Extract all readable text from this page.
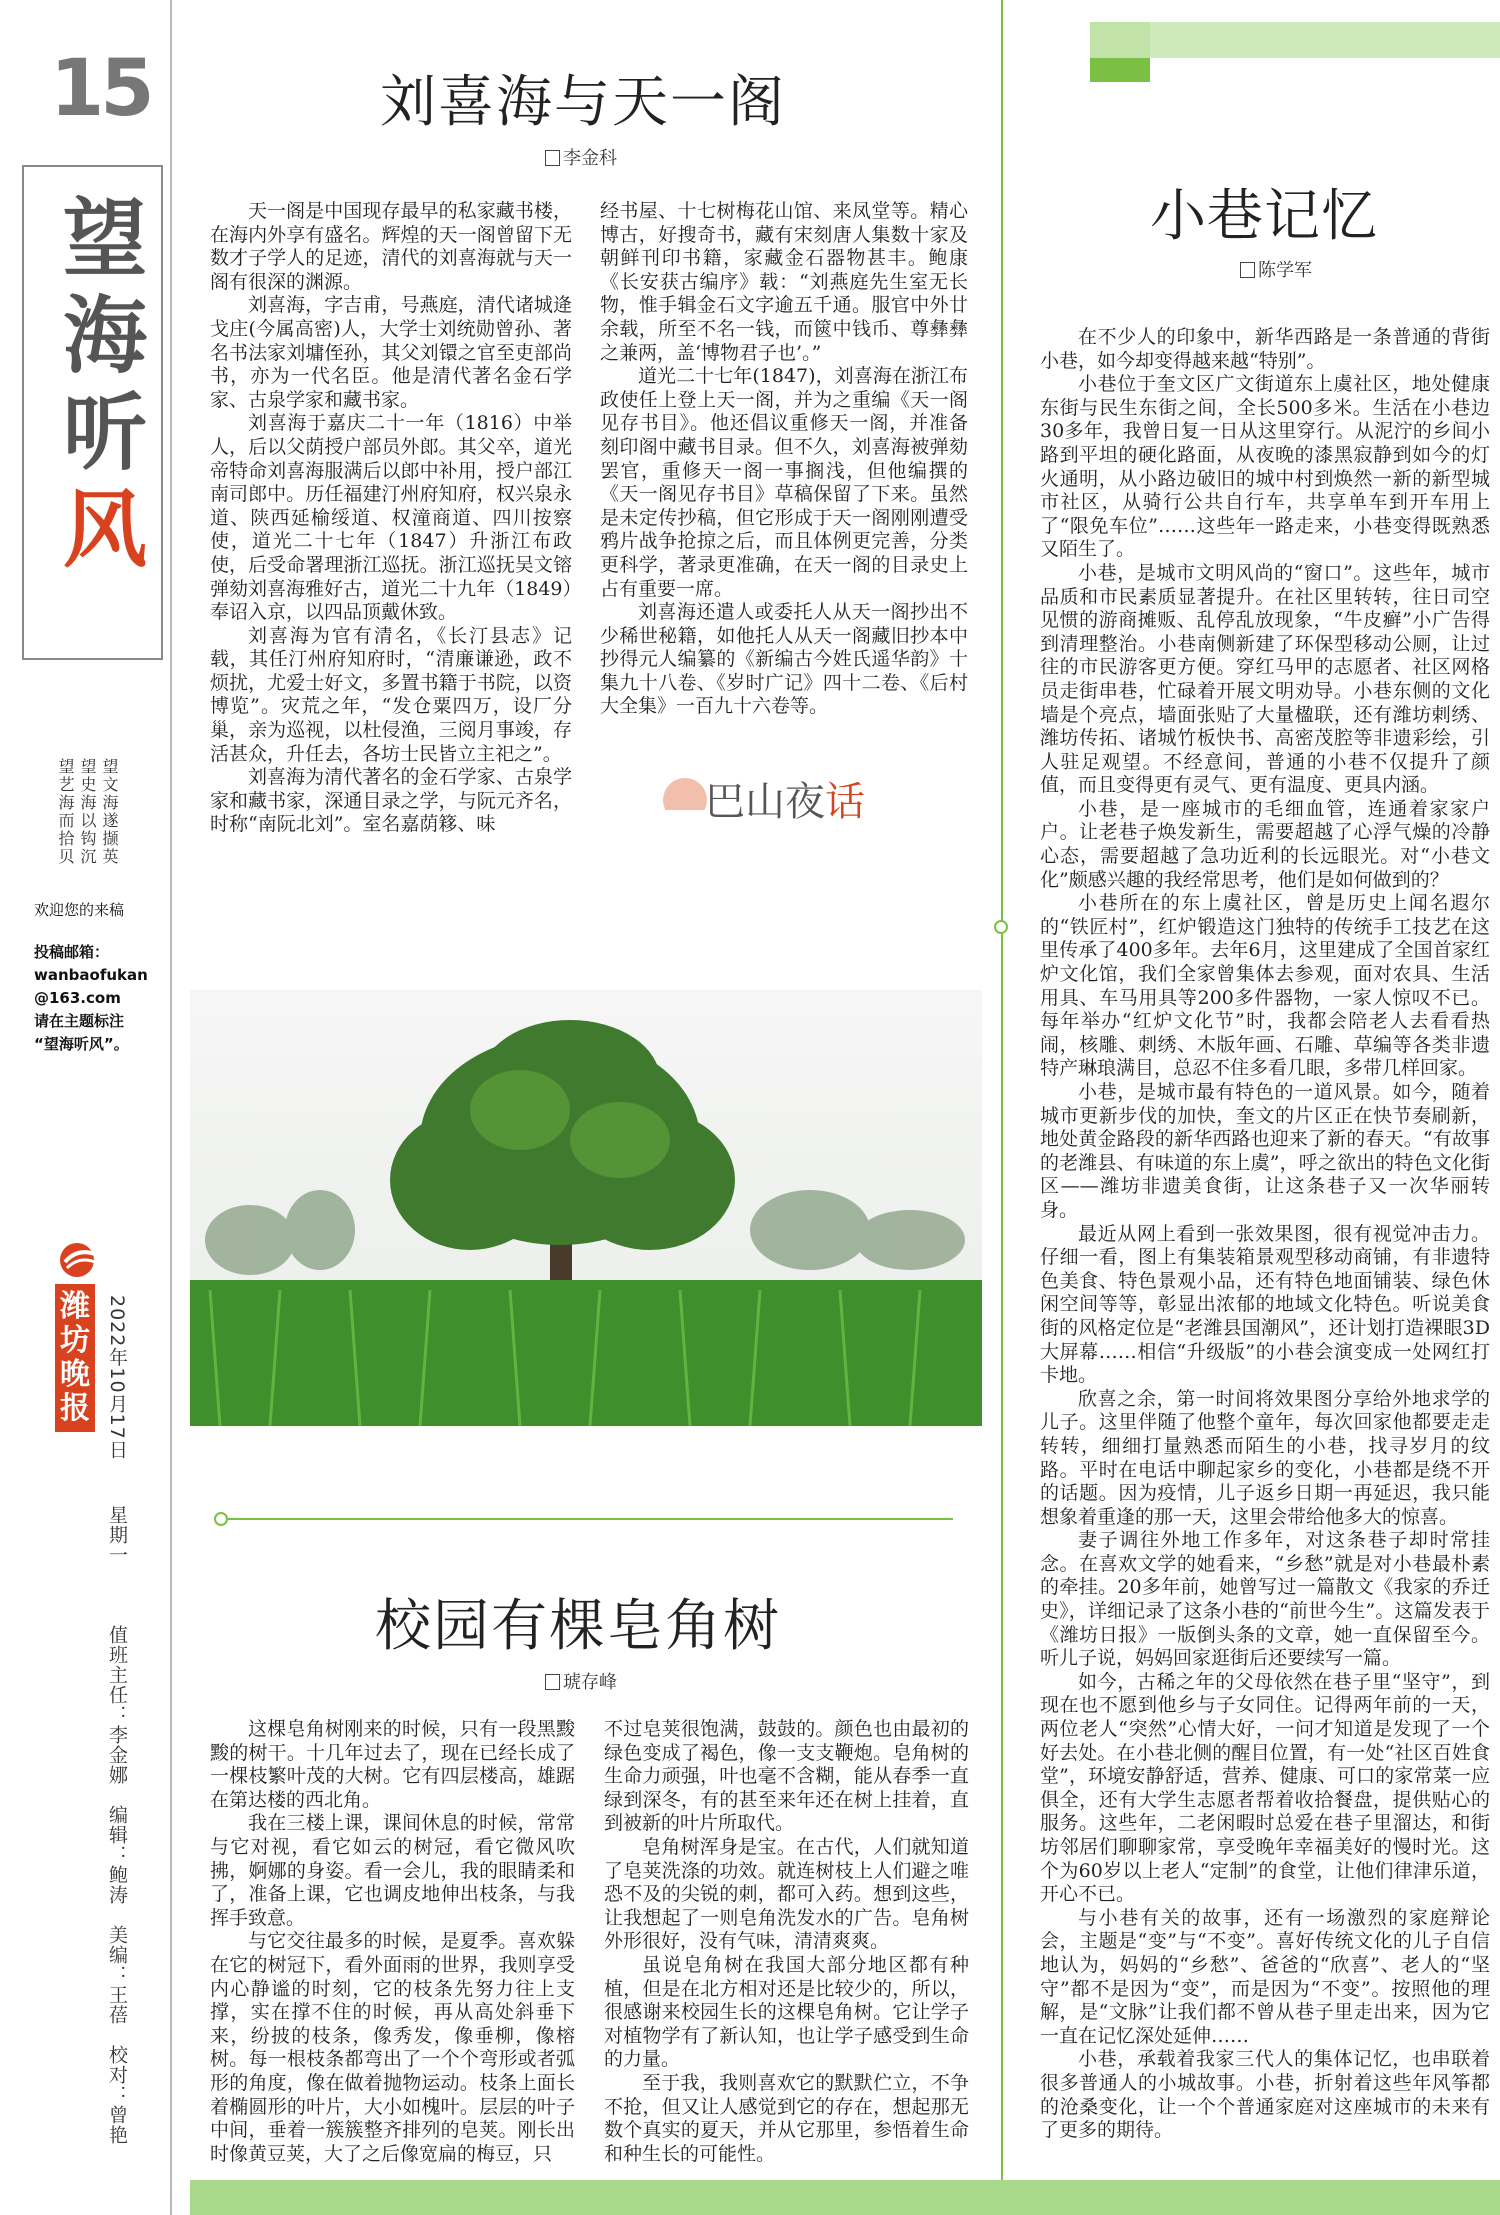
15
望
海
听
风
望文海遂撷英
望史海以钩沉
望艺海而拾贝
欢迎您的来稿
投稿邮箱：
wanbaofukan
@163.com
请在主题标注
“望海听风”。
潍坊晚报 2022年10月17日
星期一
值班主任：李金娜　编辑：鲍涛　美编：王蓓　校对：曾艳
刘喜海与天一阁
李金科

天一阁是中国现存最早的私家藏书楼，在海内外享有盛名。辉煌的天一阁曾留下无数才子学人的足迹，清代的刘喜海就与天一阁有很深的渊源。

刘喜海，字吉甫，号燕庭，清代诸城逄戈庄(今属高密)人，大学士刘统勋曾孙、著名书法家刘墉侄孙，其父刘镮之官至吏部尚书，亦为一代名臣。他是清代著名金石学家、古泉学家和藏书家。

刘喜海于嘉庆二十一年（1816）中举人，后以父荫授户部员外郎。其父卒，道光帝特命刘喜海服满后以郎中补用，授户部江南司郎中。历任福建汀州府知府，权兴泉永道、陕西延榆绥道、权潼商道、四川按察使，道光二十七年（1847）升浙江布政使，后受命署理浙江巡抚。浙江巡抚吴文镕弹劾刘喜海雅好古，道光二十九年（1849）奉诏入京，以四品顶戴休致。

刘喜海为官有清名，《长汀县志》记载，其任汀州府知府时，“清廉谦逊，政不烦扰，尤爱士好文，多置书籍于书院，以资博览”。灾荒之年，“发仓粟四万，设厂分巢，亲为巡视，以杜侵渔，三阅月事竣，存活甚众，升任去，各坊士民皆立主祀之”。

刘喜海为清代著名的金石学家、古泉学家和藏书家，深通目录之学，与阮元齐名，时称“南阮北刘”。室名嘉荫簃、味

经书屋、十七树梅花山馆、来凤堂等。精心博古，好搜奇书，藏有宋刻唐人集数十家及朝鲜刊印书籍，家藏金石器物甚丰。鲍康《长安获古编序》载：“刘燕庭先生室无长物，惟手辑金石文字逾五千通。服官中外廿余载，所至不名一钱，而篋中钱币、尊彝彝之兼两，盖‘博物君子也’。”

道光二十七年(1847)，刘喜海在浙江布政使任上登上天一阁，并为之重编《天一阁见存书目》。他还倡议重修天一阁，并准备刻印阁中藏书目录。但不久，刘喜海被弹劾罢官，重修天一阁一事搁浅，但他编撰的《天一阁见存书目》草稿保留了下来。虽然是未定传抄稿，但它形成于天一阁刚刚遭受鸦片战争抢掠之后，而且体例更完善，分类更科学，著录更准确，在天一阁的目录史上占有重要一席。

刘喜海还遣人或委托人从天一阁抄出不少稀世秘籍，如他托人从天一阁藏旧抄本中抄得元人编纂的《新编古今姓氏遥华韵》十集九十八卷、《岁时广记》四十二卷、《后村大全集》一百九十六卷等。

巴山夜话
校园有棵皂角树
琥存峰

这棵皂角树刚来的时候，只有一段黑黢黢的树干。十几年过去了，现在已经长成了一棵枝繁叶茂的大树。它有四层楼高，雄踞在第达楼的西北角。

我在三楼上课，课间休息的时候，常常与它对视，看它如云的树冠，看它微风吹拂，婀娜的身姿。看一会儿，我的眼睛柔和了，准备上课，它也调皮地伸出枝条，与我挥手致意。

与它交往最多的时候，是夏季。喜欢躲在它的树冠下，看外面雨的世界，我则享受内心静谧的时刻，它的枝条先努力往上支撑，实在撑不住的时候，再从高处斜垂下来，纷披的枝条，像秀发，像垂柳，像榕树。每一根枝条都弯出了一个个弯形或者弧形的角度，像在做着抛物运动。枝条上面长着椭圆形的叶片，大小如槐叶。层层的叶子中间，垂着一簇簇整齐排列的皂荚。刚长出时像黄豆荚，大了之后像宽扁的梅豆，只

不过皂荚很饱满，鼓鼓的。颜色也由最初的绿色变成了褐色，像一支支鞭炮。皂角树的生命力顽强，叶也毫不含糊，能从春季一直绿到深冬，有的甚至来年还在树上挂着，直到被新的叶片所取代。

皂角树浑身是宝。在古代，人们就知道了皂荚洗涤的功效。就连树枝上人们避之唯恐不及的尖锐的刺，都可入药。想到这些，让我想起了一则皂角洗发水的广告。皂角树外形很好，没有气味，清清爽爽。

虽说皂角树在我国大部分地区都有种植，但是在北方相对还是比较少的，所以，很感谢来校园生长的这棵皂角树。它让学子对植物学有了新认知，也让学子感受到生命的力量。

至于我，我则喜欢它的默默伫立，不争不抢，但又让人感觉到它的存在，想起那无数个真实的夏天，并从它那里，参悟着生命和种生长的可能性。

小巷记忆
陈学军

在不少人的印象中，新华西路是一条普通的背街小巷，如今却变得越来越“特别”。

小巷位于奎文区广文街道东上虞社区，地处健康东街与民生东街之间，全长500多米。生活在小巷边30多年，我曾日复一日从这里穿行。从泥泞的乡间小路到平坦的硬化路面，从夜晚的漆黑寂静到如今的灯火通明，从小路边破旧的城中村到焕然一新的新型城市社区，从骑行公共自行车，共享单车到开车用上了“限免车位”……这些年一路走来，小巷变得既熟悉又陌生了。

小巷，是城市文明风尚的“窗口”。这些年，城市品质和市民素质显著提升。在社区里转转，往日司空见惯的游商摊贩、乱停乱放现象，“牛皮癣”小广告得到清理整治。小巷南侧新建了环保型移动公厕，让过往的市民游客更方便。穿红马甲的志愿者、社区网格员走街串巷，忙碌着开展文明劝导。小巷东侧的文化墙是个亮点，墙面张贴了大量楹联，还有潍坊剌绣、潍坊传拓、诸城竹板快书、高密茂腔等非遗彩绘，引人驻足观望。不经意间，普通的小巷不仅提升了颜值，而且变得更有灵气、更有温度、更具内涵。

小巷，是一座城市的毛细血管，连通着家家户户。让老巷子焕发新生，需要超越了心浮气燥的冷静心态，需要超越了急功近利的长远眼光。对“小巷文化”颇感兴趣的我经常思考，他们是如何做到的？

小巷所在的东上虞社区，曾是历史上闻名遐尔的“铁匠村”，红炉锻造这门独特的传统手工技艺在这里传承了400多年。去年6月，这里建成了全国首家红炉文化馆，我们全家曾集体去参观，面对农具、生活用具、车马用具等200多件器物，一家人惊叹不已。每年举办“红炉文化节”时，我都会陪老人去看看热闹，核雕、刺绣、木版年画、石雕、草编等各类非遗特产琳琅满目，总忍不住多看几眼，多带几样回家。

小巷，是城市最有特色的一道风景。如今，随着城市更新步伐的加快，奎文的片区正在快节奏刷新，地处黄金路段的新华西路也迎来了新的春天。“有故事的老潍县、有味道的东上虞”，呼之欲出的特色文化街区——潍坊非遗美食街，让这条巷子又一次华丽转身。

最近从网上看到一张效果图，很有视觉冲击力。仔细一看，图上有集装箱景观型移动商铺，有非遗特色美食、特色景观小品，还有特色地面铺装、绿色休闲空间等等，彰显出浓郁的地域文化特色。听说美食街的风格定位是“老潍县国潮风”，还计划打造裸眼3D大屏幕……相信“升级版”的小巷会演变成一处网红打卡地。

欣喜之余，第一时间将效果图分享给外地求学的儿子。这里伴随了他整个童年，每次回家他都要走走转转，细细打量熟悉而陌生的小巷，找寻岁月的纹路。平时在电话中聊起家乡的变化，小巷都是绕不开的话题。因为疫情，儿子返乡日期一再延迟，我只能想象着重逢的那一天，这里会带给他多大的惊喜。

妻子调往外地工作多年，对这条巷子却时常挂念。在喜欢文学的她看来，“乡愁”就是对小巷最朴素的牵挂。20多年前，她曾写过一篇散文《我家的乔迁史》，详细记录了这条小巷的“前世今生”。这篇发表于《潍坊日报》一版倒头条的文章，她一直保留至今。听儿子说，妈妈回家逛街后还要续写一篇。

如今，古稀之年的父母依然在巷子里“坚守”，到现在也不愿到他乡与子女同住。记得两年前的一天，两位老人“突然”心情大好，一问才知道是发现了一个好去处。在小巷北侧的醒目位置，有一处“社区百姓食堂”，环境安静舒适，营养、健康、可口的家常菜一应俱全，还有大学生志愿者帮着收拾餐盘，提供贴心的服务。这些年，二老闲暇时总爱在巷子里溜达，和街坊邻居们聊聊家常，享受晚年幸福美好的慢时光。这个为60岁以上老人“定制”的食堂，让他们律津乐道，开心不已。

与小巷有关的故事，还有一场激烈的家庭辩论会，主题是“变”与“不变”。喜好传统文化的儿子自信地认为，妈妈的“乡愁”、爸爸的“欣喜”、老人的“坚守”都不是因为“变”，而是因为“不变”。按照他的理解，是“文脉”让我们都不曾从巷子里走出来，因为它一直在记忆深处延伸……

小巷，承载着我家三代人的集体记忆，也串联着很多普通人的小城故事。小巷，折射着这些年风筝都的沧桑变化，让一个个普通家庭对这座城市的未来有了更多的期待。
